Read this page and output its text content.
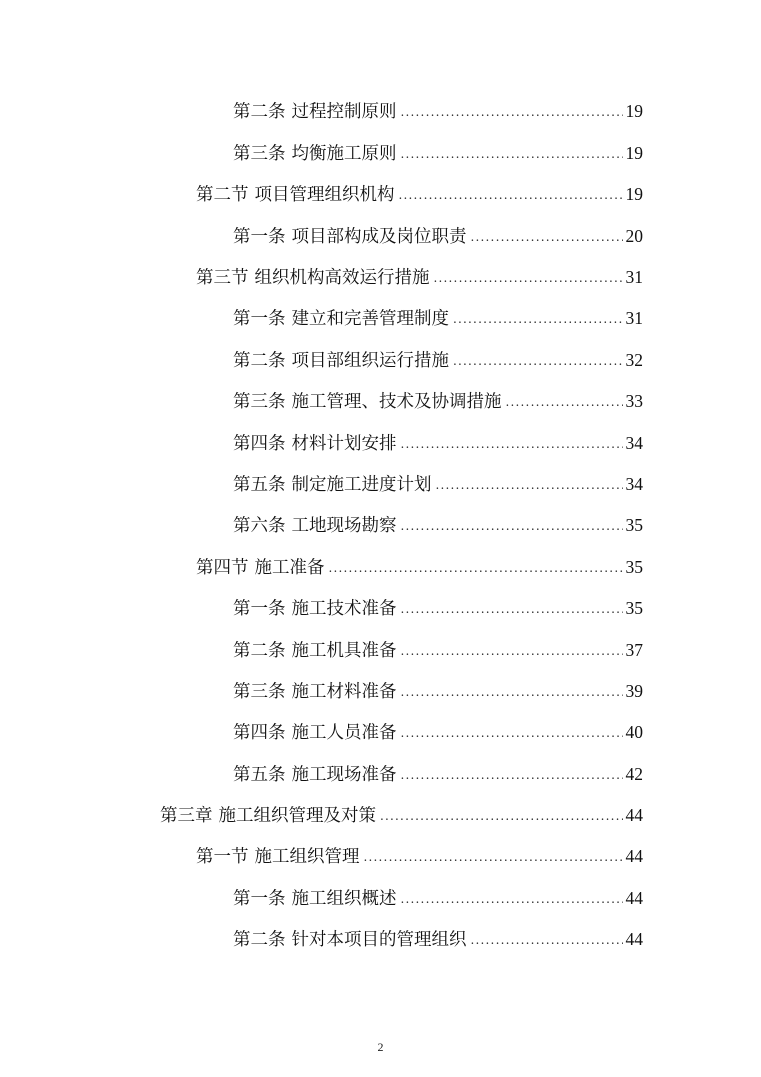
第二条 过程控制原则 .....	19
第三条 均衡施工原则 .....	19
第二节 项目管理组织机构 .....	19
第一条 项目部构成及岗位职责 .....	20
第三节 组织机构高效运行措施 .....	31
第一条 建立和完善管理制度 .....	31
第二条 项目部组织运行措施 .....	32
第三条 施工管理、技术及协调措施 .....	33
第四条 材料计划安排 .....	34
第五条 制定施工进度计划 .....	34
第六条 工地现场勘察 .....	35
第四节 施工准备 .....	35
第一条 施工技术准备 .....	35
第二条 施工机具准备 .....	37
第三条 施工材料准备 .....	39
第四条 施工人员准备 .....	40
第五条 施工现场准备 .....	42
第三章 施工组织管理及对策 .....	44
第一节 施工组织管理 .....	44
第一条 施工组织概述 .....	44
第二条 针对本项目的管理组织 .....	44
2
